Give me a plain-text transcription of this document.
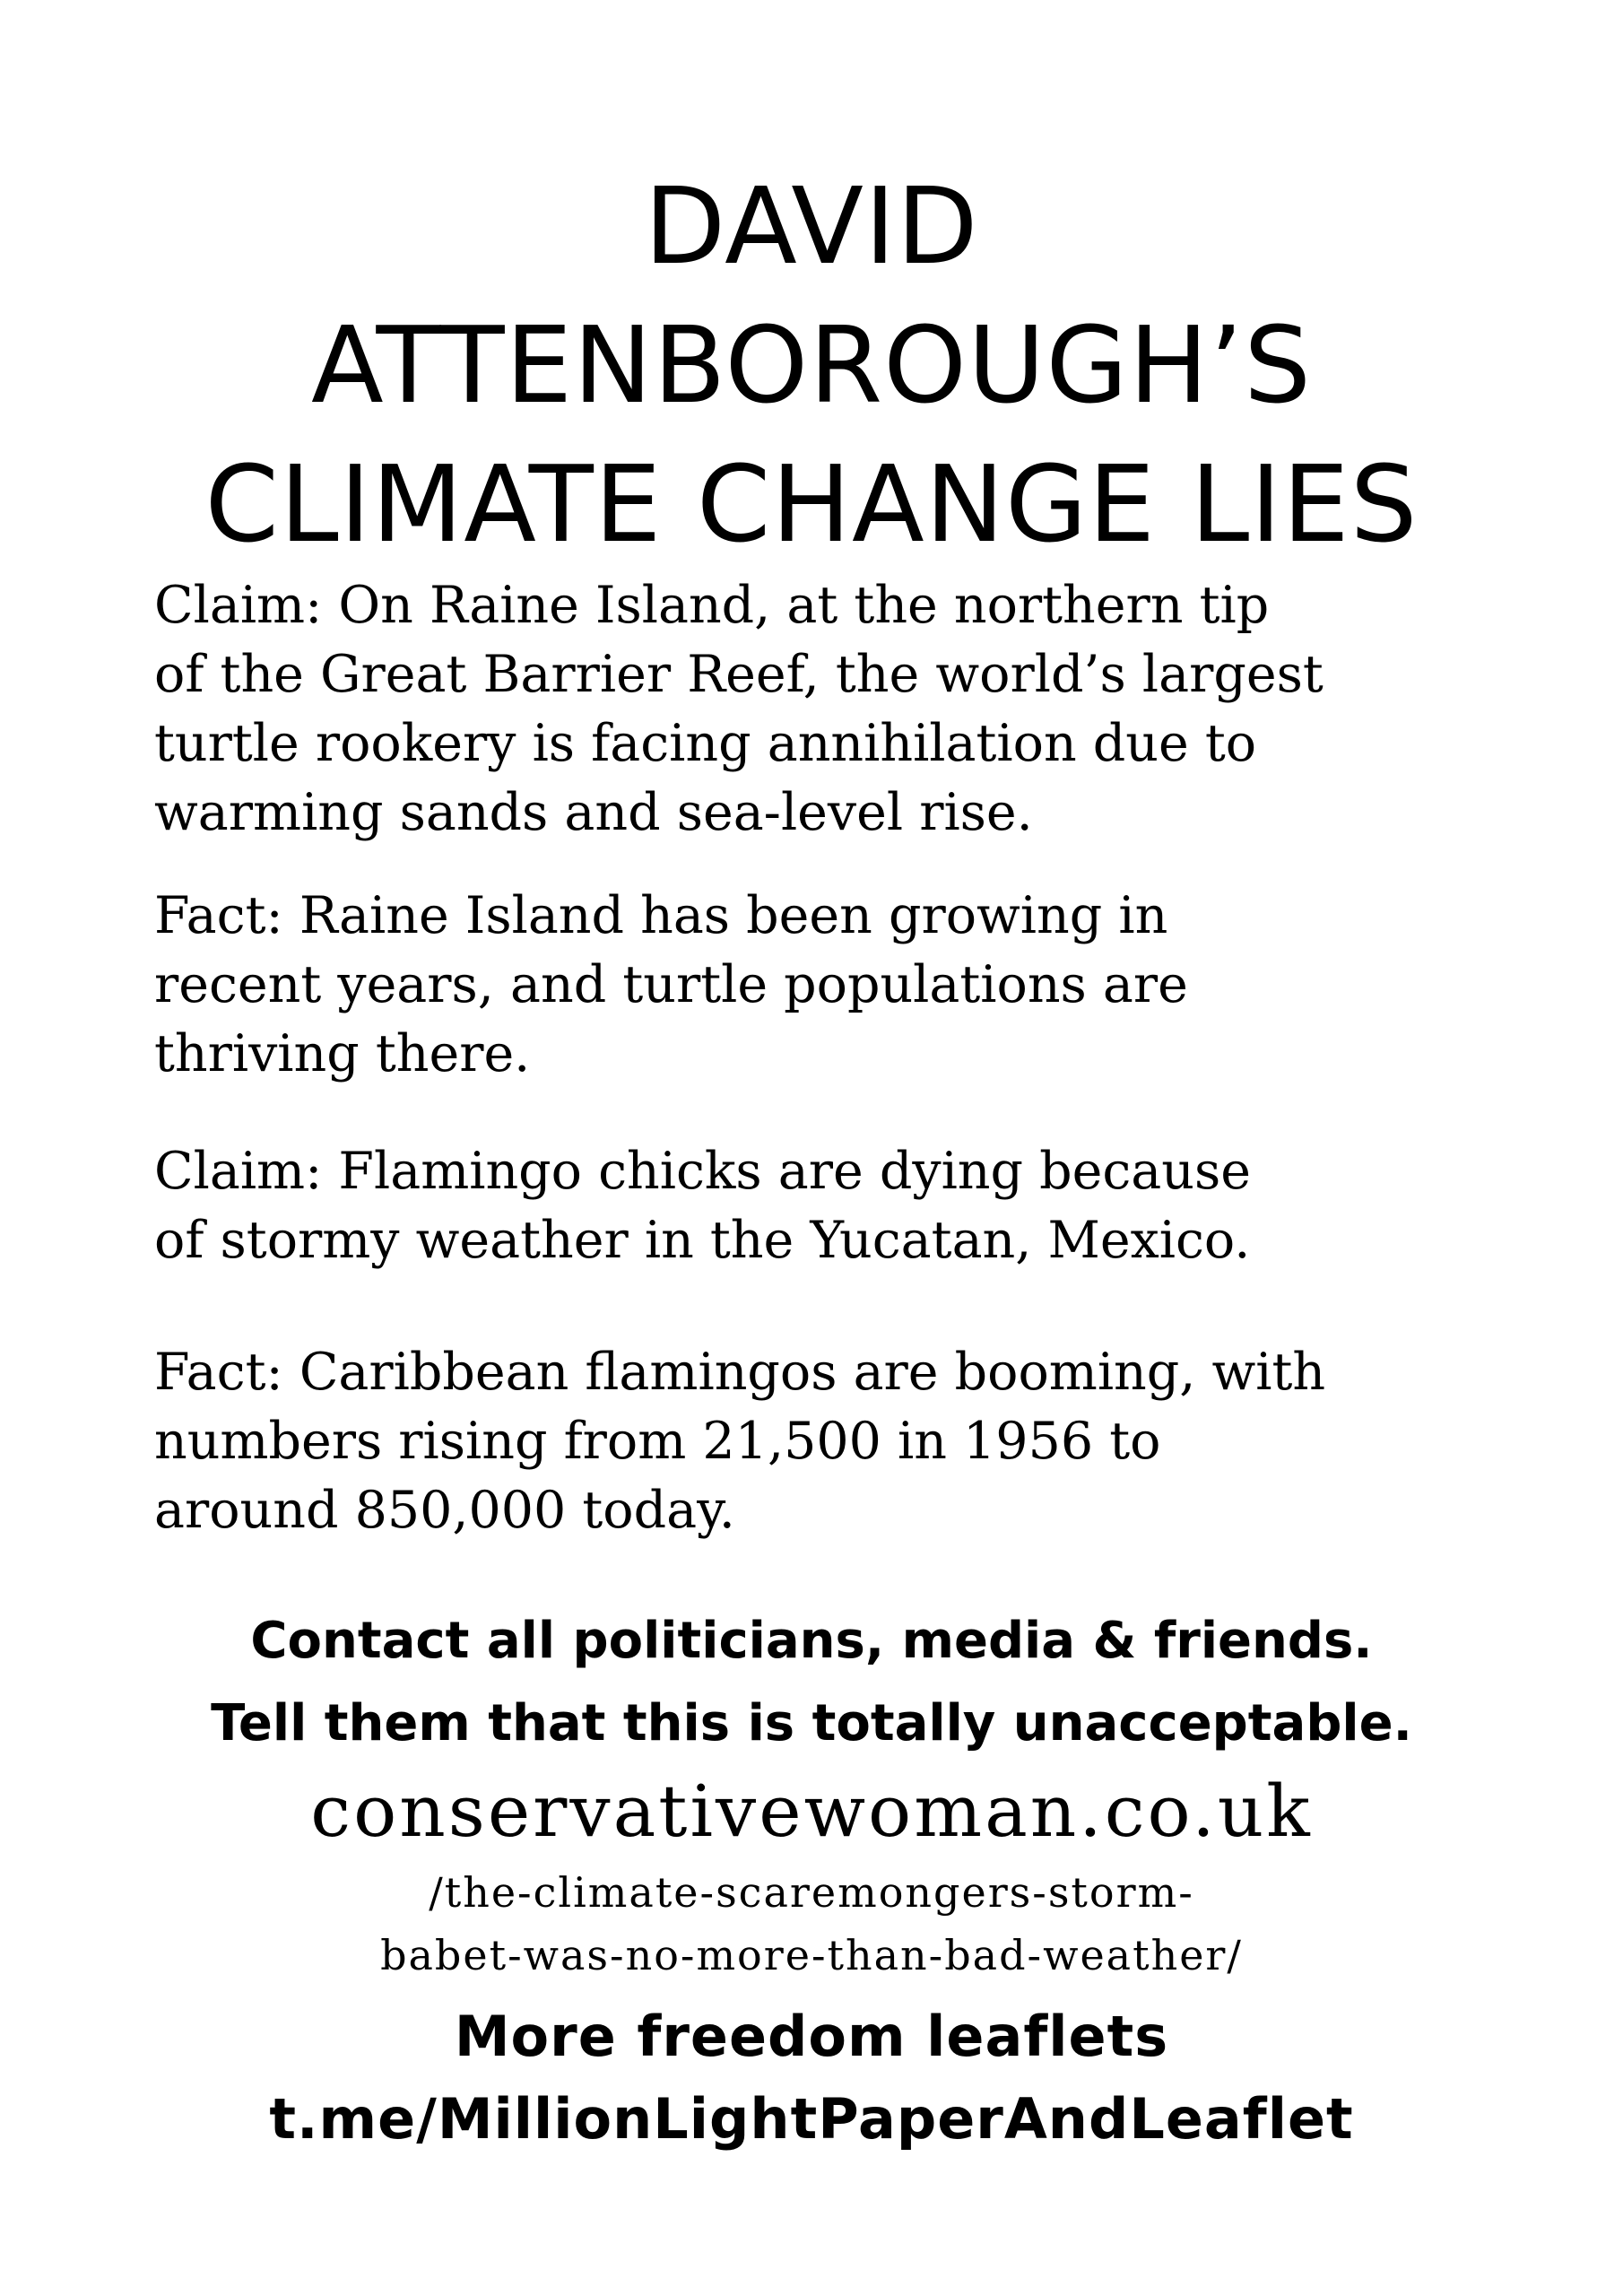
DAVID
ATTENBOROUGH’S
CLIMATE CHANGE LIES
Claim: On Raine Island, at the northern tip
of the Great Barrier Reef, the world’s largest
turtle rookery is facing annihilation due to
warming sands and sea-level rise.
Fact: Raine Island has been growing in
recent years, and turtle populations are
thriving there.
Claim: Flamingo chicks are dying because
of stormy weather in the Yucatan, Mexico.
Fact: Caribbean flamingos are booming, with
numbers rising from 21,500 in 1956 to
around 850,000 today.
Contact all politicians, media & friends.
Tell them that this is totally unacceptable.
conservativewoman.co.uk
/the-climate-scaremongers-storm-
babet-was-no-more-than-bad-weather/
More freedom leaflets
t.me/MillionLightPaperAndLeaflet
